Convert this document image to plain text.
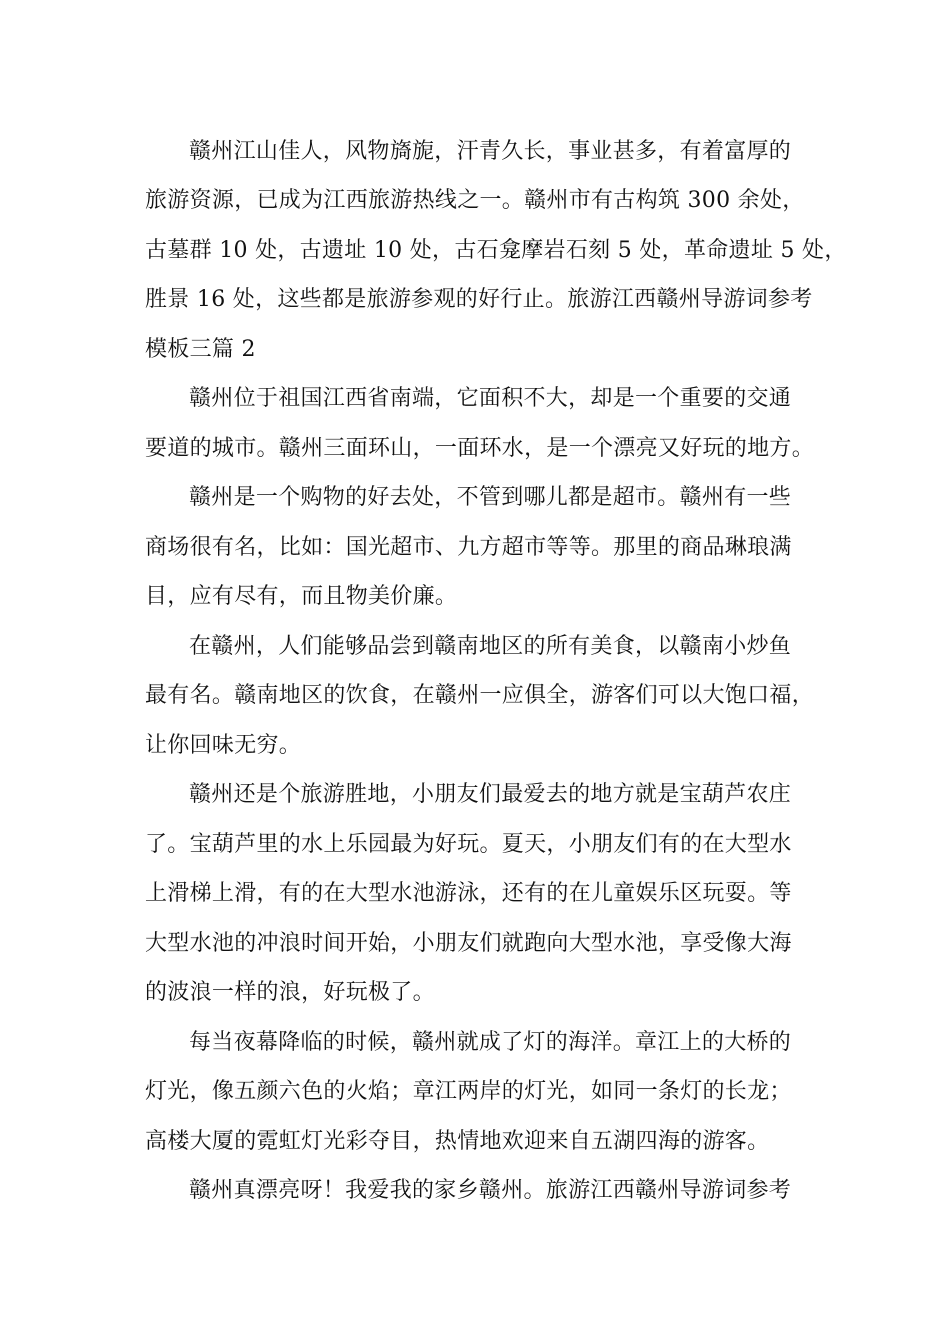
赣州江山佳人，风物旖旎，汗青久长，事业甚多，有着富厚的
旅游资源，已成为江西旅游热线之一。赣州市有古构筑 300 余处，
古墓群 10 处，古遗址 10 处，古石龛摩岩石刻 5 处，革命遗址 5 处，
胜景 16 处，这些都是旅游参观的好行止。旅游江西赣州导游词参考
模板三篇 2
赣州位于祖国江西省南端，它面积不大，却是一个重要的交通
要道的城市。赣州三面环山，一面环水，是一个漂亮又好玩的地方。
赣州是一个购物的好去处，不管到哪儿都是超市。赣州有一些
商场很有名，比如：国光超市、九方超市等等。那里的商品琳琅满
目，应有尽有，而且物美价廉。
在赣州，人们能够品尝到赣南地区的所有美食，以赣南小炒鱼
最有名。赣南地区的饮食，在赣州一应俱全，游客们可以大饱口福，
让你回味无穷。
赣州还是个旅游胜地，小朋友们最爱去的地方就是宝葫芦农庄
了。宝葫芦里的水上乐园最为好玩。夏天，小朋友们有的在大型水
上滑梯上滑，有的在大型水池游泳，还有的在儿童娱乐区玩耍。等
大型水池的冲浪时间开始，小朋友们就跑向大型水池，享受像大海
的波浪一样的浪，好玩极了。
每当夜幕降临的时候，赣州就成了灯的海洋。章江上的大桥的
灯光，像五颜六色的火焰；章江两岸的灯光，如同一条灯的长龙；
高楼大厦的霓虹灯光彩夺目，热情地欢迎来自五湖四海的游客。
赣州真漂亮呀！我爱我的家乡赣州。旅游江西赣州导游词参考
